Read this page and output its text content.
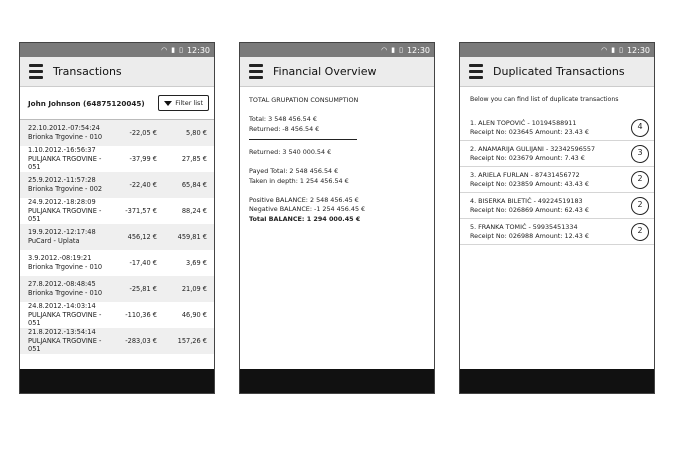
◠ ▮ ▯ 12:30
Transactions
John Johnson (64875120045)	Filter list
22.10.2012.-07:54:24
Brionka Trgovine - 010	-22,05 €	5,80 €
1.10.2012.-16:56:37
PULJANKA TRGOVINE - 051
-37,99 €	27,85 €
25.9.2012.-11:57:28
Brionka Trgovine - 002	-22,40 €	65,84 €
24.9.2012.-18:28:09
PULJANKA TRGOVINE - 051
-371,57 €	88,24 €
19.9.2012.-12:17:48
PuCard - Uplata	456,12 €	459,81 €
3.9.2012.-08:19:21
Brionka Trgovine - 010	-17,40 €	3,69 €
27.8.2012.-08:48:45
Brionka Trgovine - 010	-25,81 €	21,09 €
24.8.2012.-14:03:14
PULJANKA TRGOVINE - 051
-110,36 €	46,90 €
21.8.2012.-13:54:14
PULJANKA TRGOVINE - 051
-283,03 €	157,26 €
◠ ▮ ▯ 12:30
Financial Overview
TOTAL GRUPATION CONSUMPTION
Total: 3 548 456.54 €
Returned: -8 456.54 €
Returned: 3 540 000.54 €
Payed Total: 2 548 456.54 €
Taken in depth: 1 254 456.54 €
Positive BALANCE: 2 548 456.45 €
Negative BALANCE: -1 254 456.45 €
Total BALANCE: 1 294 000.45 €
◠ ▮ ▯ 12:30
Duplicated Transactions
Below you can find list of duplicate transactions
1. ALEN TOPOVIĆ - 10194588911
Receipt No: 023645 Amount: 23.43 €
4
2. ANAMARIJA GULIJANI - 32342596557
Receipt No: 023679 Amount: 7.43 €
3
3. ARIELA FURLAN - 87431456772
Receipt No: 023859 Amount: 43.43 €
2
4. BISERKA BILETIĆ - 49224519183
Receipt No: 026869 Amount: 62.43 €
2
5. FRANKA TOMIĆ - 59935451334
Receipt No: 026988 Amount: 12.43 €
2
